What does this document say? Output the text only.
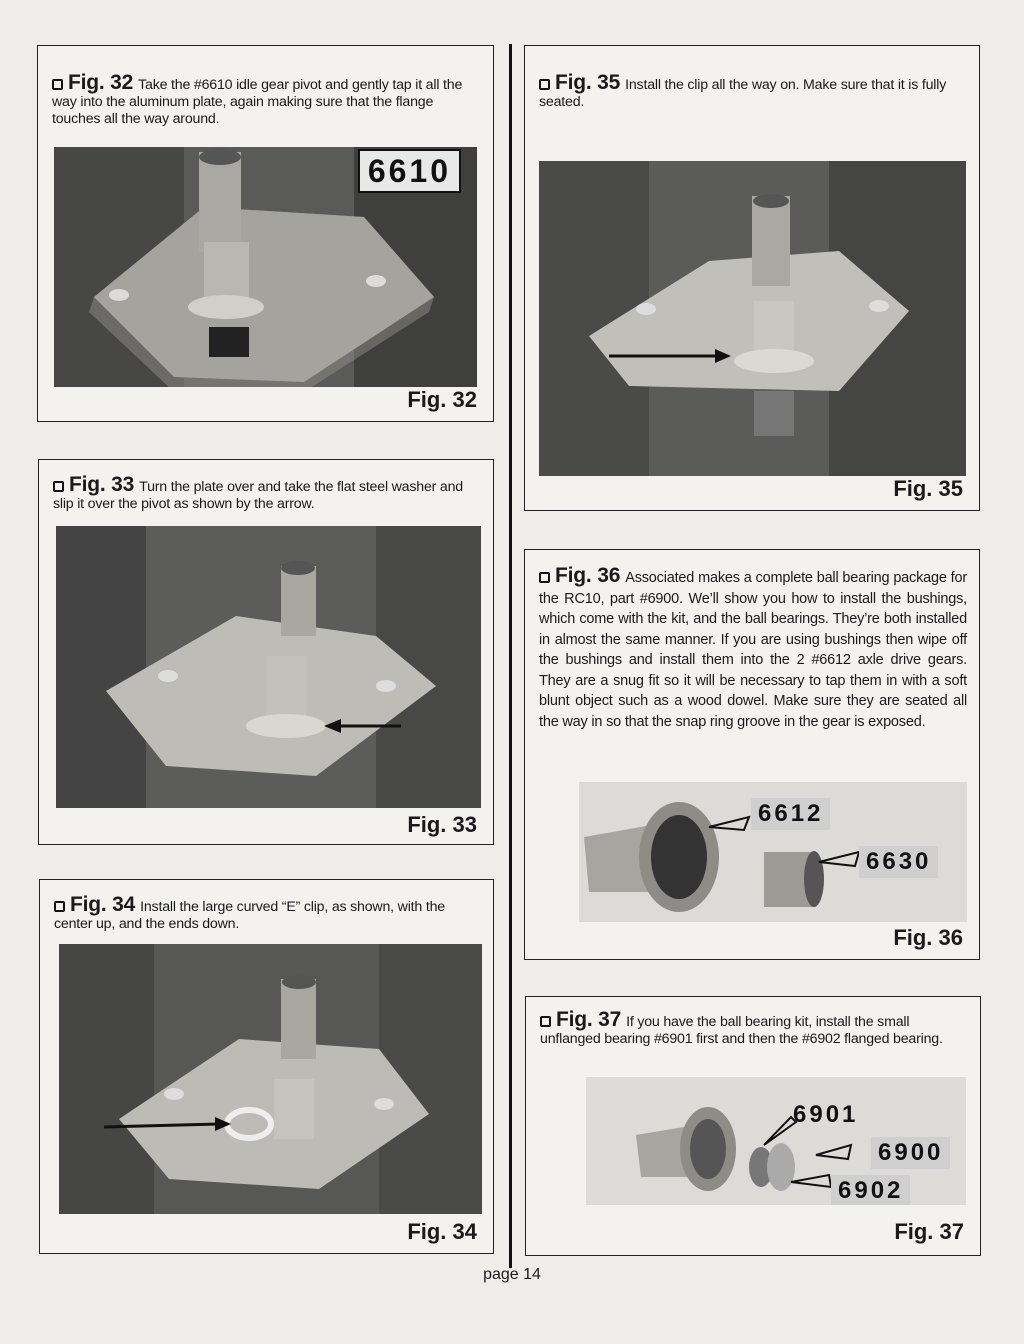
Fig. 32 Take the #6610 idle gear pivot and gently tap it all the way into the aluminum plate, again making sure that the flange touches all the way around.
6610
Fig. 32
Fig. 33 Turn the plate over and take the flat steel washer and slip it over the pivot as shown by the arrow.
Fig. 33
Fig. 34 Install the large curved “E” clip, as shown, with the center up, and the ends down.
Fig. 34
Fig. 35 Install the clip all the way on. Make sure that it is fully seated.
Fig. 35
Fig. 36 Associated makes a complete ball bearing package for the RC10, part #6900. We’ll show you how to install the bushings, which come with the kit, and the ball bearings. They’re both installed in almost the same manner. If you are using bushings then wipe off the bushings and install them into the 2 #6612 axle drive gears. They are a snug fit so it will be necessary to tap them in with a soft blunt object such as a wood dowel. Make sure they are seated all the way in so that the snap ring groove in the gear is exposed.
6612
6630
Fig. 36
Fig. 37 If you have the ball bearing kit, install the small unflanged bearing #6901 first and then the #6902 flanged bearing.
6901
6900
6902
Fig. 37
page 14
